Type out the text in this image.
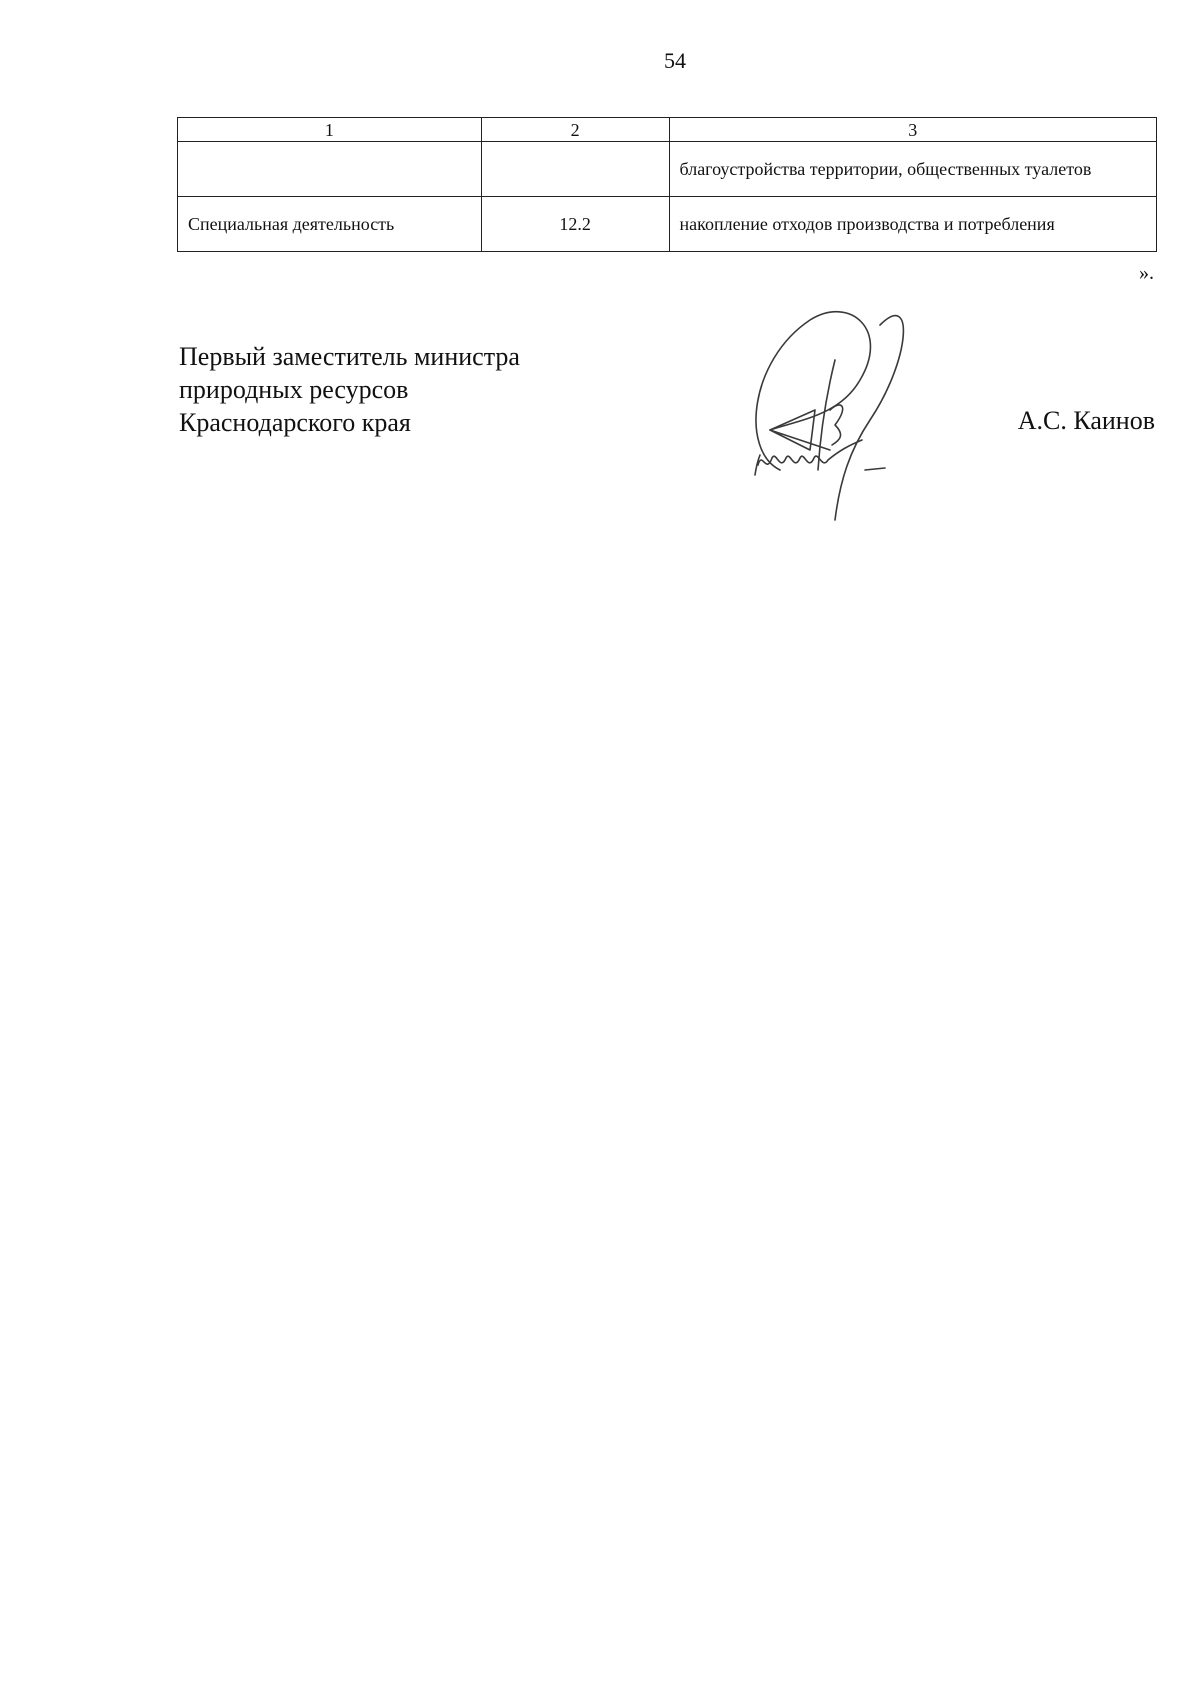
54
1	2	3
		благоустройства территории, общественных туалетов
Специальная деятельность	12.2	накопление отходов производства и потребления
».
Первый заместитель министра
природных ресурсов
Краснодарского края	А.С. Каинов
